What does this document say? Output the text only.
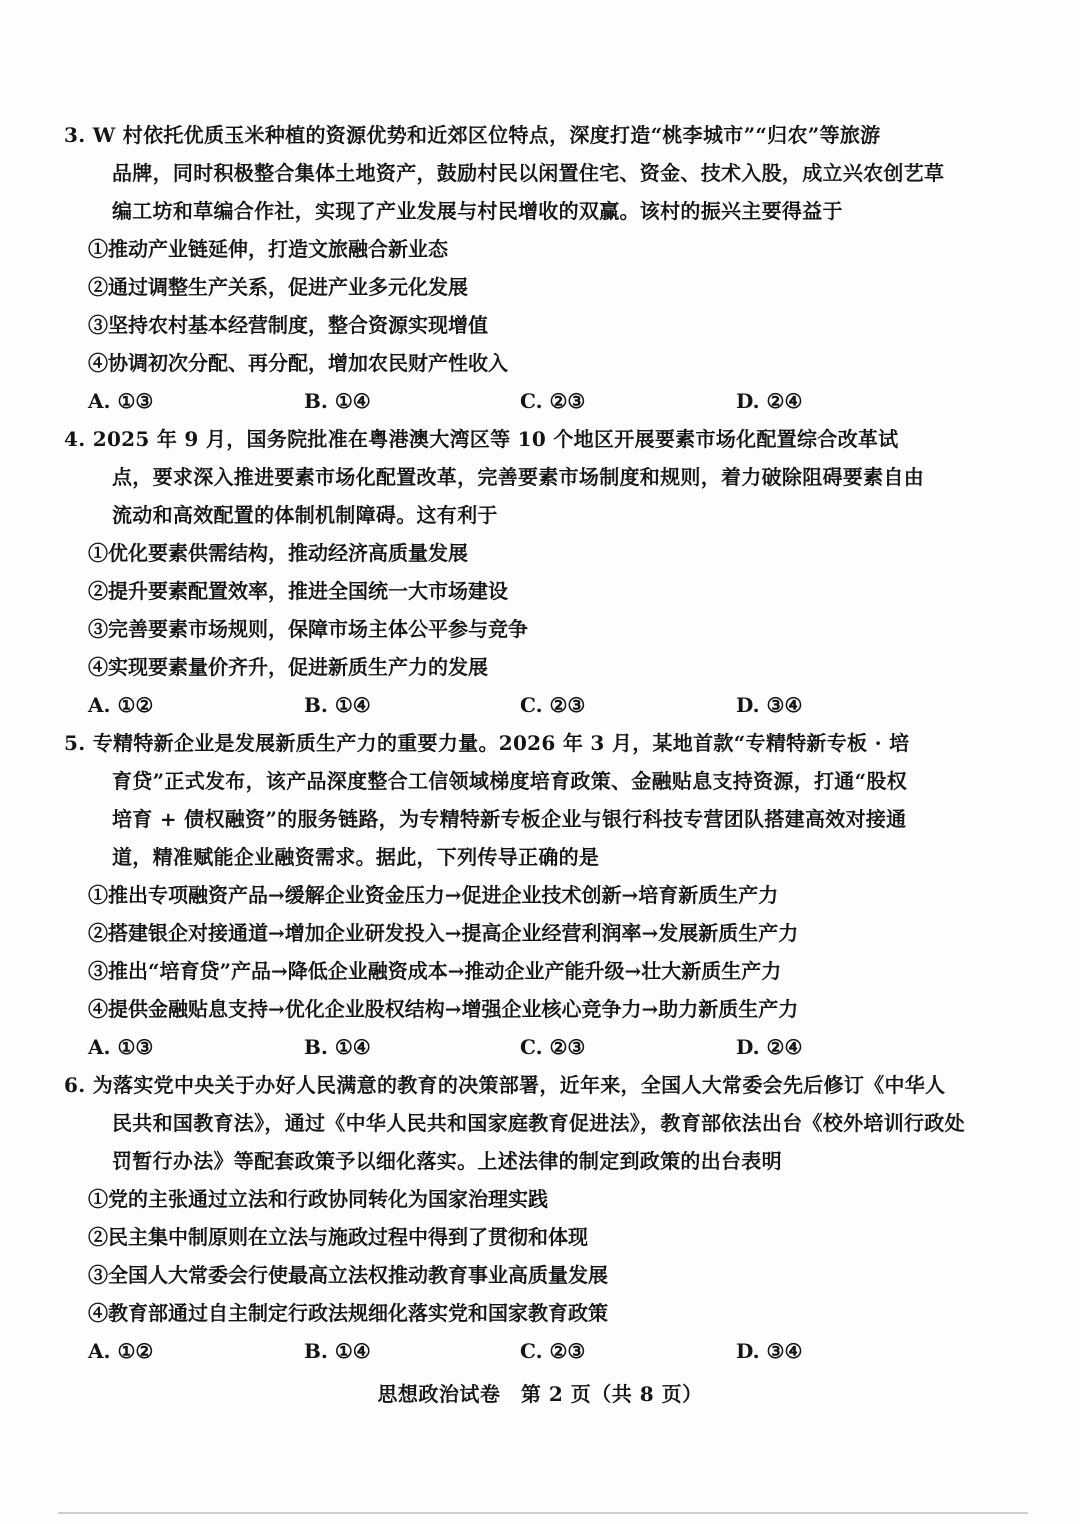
3. W 村依托优质玉米种植的资源优势和近郊区位特点，深度打造“桃李城市”“归农”等旅游
品牌，同时积极整合集体土地资产，鼓励村民以闲置住宅、资金、技术入股，成立兴农创艺草
编工坊和草编合作社，实现了产业发展与村民增收的双赢。该村的振兴主要得益于
①推动产业链延伸，打造文旅融合新业态
②通过调整生产关系，促进产业多元化发展
③坚持农村基本经营制度，整合资源实现增值
④协调初次分配、再分配，增加农民财产性收入
A. ①③	B. ①④	C. ②③	D. ②④
4. 2025 年 9 月，国务院批准在粤港澳大湾区等 10 个地区开展要素市场化配置综合改革试
点，要求深入推进要素市场化配置改革，完善要素市场制度和规则，着力破除阻碍要素自由
流动和高效配置的体制机制障碍。这有利于
①优化要素供需结构，推动经济高质量发展
②提升要素配置效率，推进全国统一大市场建设
③完善要素市场规则，保障市场主体公平参与竞争
④实现要素量价齐升，促进新质生产力的发展
A. ①②	B. ①④	C. ②③	D. ③④
5. 专精特新企业是发展新质生产力的重要力量。2026 年 3 月，某地首款“专精特新专板 · 培
育贷”正式发布，该产品深度整合工信领域梯度培育政策、金融贴息支持资源，打通“股权
培育 + 债权融资”的服务链路，为专精特新专板企业与银行科技专营团队搭建高效对接通
道，精准赋能企业融资需求。据此，下列传导正确的是
①推出专项融资产品→缓解企业资金压力→促进企业技术创新→培育新质生产力
②搭建银企对接通道→增加企业研发投入→提高企业经营利润率→发展新质生产力
③推出“培育贷”产品→降低企业融资成本→推动企业产能升级→壮大新质生产力
④提供金融贴息支持→优化企业股权结构→增强企业核心竞争力→助力新质生产力
A. ①③	B. ①④	C. ②③	D. ②④
6. 为落实党中央关于办好人民满意的教育的决策部署，近年来，全国人大常委会先后修订《中华人
民共和国教育法》，通过《中华人民共和国家庭教育促进法》，教育部依法出台《校外培训行政处
罚暂行办法》等配套政策予以细化落实。上述法律的制定到政策的出台表明
①党的主张通过立法和行政协同转化为国家治理实践
②民主集中制原则在立法与施政过程中得到了贯彻和体现
③全国人大常委会行使最高立法权推动教育事业高质量发展
④教育部通过自主制定行政法规细化落实党和国家教育政策
A. ①②	B. ①④	C. ②③	D. ③④
思想政治试卷　第 2 页（共 8 页）
